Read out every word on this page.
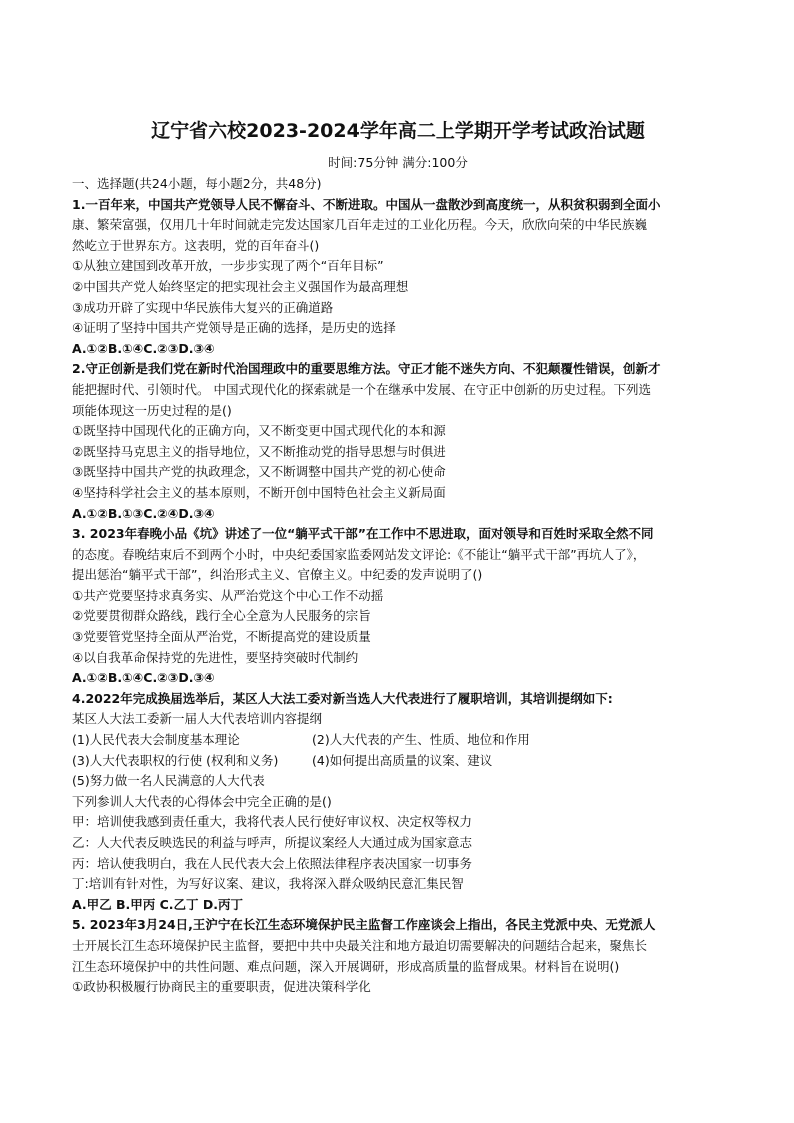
辽宁省六校2023-2024学年高二上学期开学考试政治试题

时间:75分钟 满分:100分

一、选择题(共24小题，每小题2分，共48分)

1.一百年来，中国共产党领导人民不懈奋斗、不断进取。中国从一盘散沙到高度统一，从积贫积弱到全面小

康、繁荣富强，仅用几十年时间就走完发达国家几百年走过的工业化历程。今天，欣欣向荣的中华民族巍

然屹立于世界东方。这表明，党的百年奋斗()

①从独立建国到改革开放，一步步实现了两个“百年目标”

②中国共产党人始终坚定的把实现社会主义强国作为最高理想

③成功开辟了实现中华民族伟大复兴的正确道路

④证明了坚持中国共产党领导是正确的选择，是历史的选择

A.①②B.①④C.②③D.③④

2.守正创新是我们党在新时代治国理政中的重要思维方法。守正才能不迷失方向、不犯颠覆性错误，创新才

能把握时代、引领时代。 中国式现代化的探索就是一个在继承中发展、在守正中创新的历史过程。下列选

项能体现这一历史过程的是()

①既坚持中国现代化的正确方向，又不断变更中国式现代化的本和源

②既坚持马克思主义的指导地位，又不断推动党的指导思想与时俱进

③既坚持中国共产党的执政理念，又不断调整中国共产党的初心使命

④坚持科学社会主义的基本原则，不断开创中国特色社会主义新局面

A.①②B.①③C.②④D.③④

3. 2023年春晚小品《坑》讲述了一位“躺平式干部”在工作中不思进取，面对领导和百姓时采取全然不同

的态度。春晚结束后不到两个小时，中央纪委国家监委网站发文评论:《不能让“躺平式干部”再坑人了》，

提出惩治“躺平式干部”，纠治形式主义、官僚主义。中纪委的发声说明了()

①共产党要坚持求真务实、从严治党这个中心工作不动摇

②党要贯彻群众路线，践行全心全意为人民服务的宗旨

③党要管党坚持全面从严治党，不断提高党的建设质量

④以自我革命保持党的先进性，要坚持突破时代制约

A.①②B.①④C.②③D.③④

4.2022年完成换届选举后，某区人大法工委对新当选人大代表进行了履职培训，其培训提纲如下:

某区人大法工委新一届人大代表培训内容提纲

(1)人民代表大会制度基本理论	(2)人大代表的产生、性质、地位和作用
(3)人大代表职权的行使 (权利和义务)	(4)如何提出高质量的议案、建议

(5)努力做一名人民满意的人大代表

下列参训人大代表的心得体会中完全正确的是()

甲：培训使我感到责任重大，我将代表人民行使好审议权、决定权等权力

乙：人大代表反映选民的利益与呼声，所提议案经人大通过成为国家意志

丙：培认使我明白，我在人民代表大会上依照法律程序表决国家一切事务

丁:培训有针对性，为写好议案、建议，我将深入群众吸纳民意汇集民智

A.甲乙 B.甲丙 C.乙丁 D.丙丁

5. 2023年3月24日,王沪宁在长江生态环境保护民主监督工作座谈会上指出，各民主党派中央、无党派人

士开展长江生态环境保护民主监督，要把中共中央最关注和地方最迫切需要解决的问题结合起来，聚焦长

江生态环境保护中的共性问题、难点问题，深入开展调研，形成高质量的监督成果。材料旨在说明()

①政协积极履行协商民主的重要职责，促进决策科学化
